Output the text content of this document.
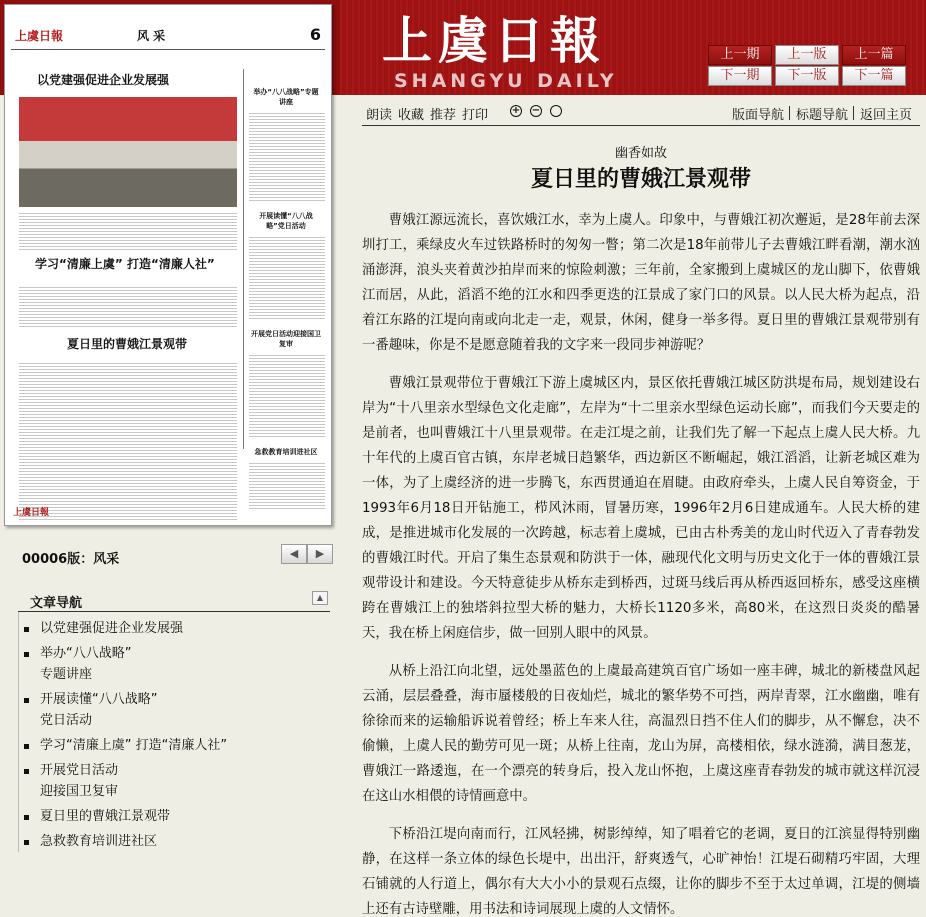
上虞日報
SHANGYU DAILY
上一期
下一期
上一版
下一版
上一篇
下一篇
上虞日報	风 采	6
以党建强促进企业发展强
学习“清廉上虞” 打造“清廉人社”
夏日里的曹娥江景观带
举办“八八战略”专题讲座
开展读懂“八八战略”党日活动
开展党日活动迎接国卫复审
急救教育培训进社区
上虞日報
00006版：风采	◀	▶
文章导航	▲
以党建强促进企业发展强
举办“八八战略”
专题讲座
开展读懂“八八战略”
党日活动
学习“清廉上虞” 打造“清廉人社”
开展党日活动
迎接国卫复审
夏日里的曹娥江景观带
急救教育培训进社区
朗读 收藏 推荐 打印 + −	版面导航 标题导航 返回主页
幽香如故
夏日里的曹娥江景观带

曹娥江源远流长，喜饮娥江水，幸为上虞人。印象中，与曹娥江初次邂逅，是28年前去深圳打工，乘绿皮火车过铁路桥时的匆匆一瞥；第二次是18年前带儿子去曹娥江畔看潮，潮水汹涌澎湃，浪头夹着黄沙拍岸而来的惊险刺激；三年前，全家搬到上虞城区的龙山脚下，依曹娥江而居，从此，滔滔不绝的江水和四季更迭的江景成了家门口的风景。以人民大桥为起点，沿着江东路的江堤向南或向北走一走，观景，休闲，健身一举多得。夏日里的曹娥江景观带别有一番趣味，你是不是愿意随着我的文字来一段同步神游呢？

曹娥江景观带位于曹娥江下游上虞城区内，景区依托曹娥江城区防洪堤布局，规划建设右岸为“十八里亲水型绿色文化走廊”，左岸为“十二里亲水型绿色运动长廊”，而我们今天要走的是前者，也叫曹娥江十八里景观带。在走江堤之前，让我们先了解一下起点上虞人民大桥。九十年代的上虞百官古镇，东岸老城日趋繁华，西边新区不断崛起，娥江滔滔，让新老城区难为一体，为了上虞经济的进一步腾飞，东西贯通迫在眉睫。由政府牵头，上虞人民自筹资金，于1993年6月18日开钻施工，栉风沐雨，冒暑历寒，1996年2月6日建成通车。人民大桥的建成，是推进城市化发展的一次跨越，标志着上虞城，已由古朴秀美的龙山时代迈入了青春勃发的曹娥江时代。开启了集生态景观和防洪于一体，融现代化文明与历史文化于一体的曹娥江景观带设计和建设。今天特意徒步从桥东走到桥西，过斑马线后再从桥西返回桥东，感受这座横跨在曹娥江上的独塔斜拉型大桥的魅力，大桥长1120多米，高80米，在这烈日炎炎的酷暑天，我在桥上闲庭信步，做一回别人眼中的风景。

从桥上沿江向北望，远处墨蓝色的上虞最高建筑百官广场如一座丰碑，城北的新楼盘风起云涌，层层叠叠，海市蜃楼般的日夜灿烂，城北的繁华势不可挡，两岸青翠，江水幽幽，唯有徐徐而来的运输船诉说着曾经；桥上车来人往，高温烈日挡不住人们的脚步，从不懈怠，决不偷懒，上虞人民的勤劳可见一斑；从桥上往南，龙山为屏，高楼相依，绿水涟漪，满目葱茏，曹娥江一路逶迤，在一个漂亮的转身后，投入龙山怀抱，上虞这座青春勃发的城市就这样沉浸在这山水相偎的诗情画意中。

下桥沿江堤向南而行，江风轻拂，树影绰绰，知了唱着它的老调，夏日的江滨显得特别幽静，在这样一条立体的绿色长堤中，出出汗，舒爽透气，心旷神怡！江堤石砌精巧牢固，大理石铺就的人行道上，偶尔有大大小小的景观石点缀，让你的脚步不至于太过单调，江堤的侧墙上还有古诗壁雕，用书法和诗词展现上虞的人文情怀。
